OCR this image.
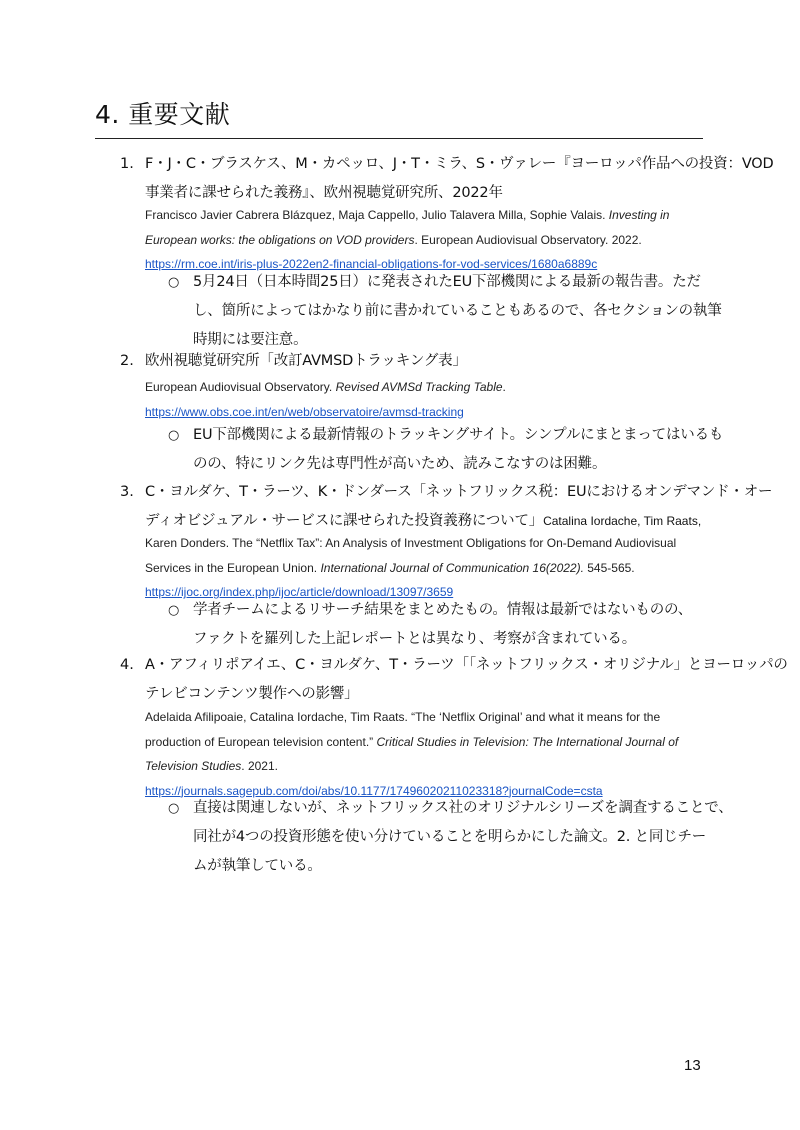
4. 重要文献
1. F・J・C・ブラスケス、M・カペッロ、J・T・ミラ、S・ヴァレー『ヨーロッパ作品への投資：VOD
事業者に課せられた義務』、欧州視聴覚研究所、2022年
Francisco Javier Cabrera Blázquez, Maja Cappello, Julio Talavera Milla, Sophie Valais. Investing in
European works: the obligations on VOD providers. European Audiovisual Observatory. 2022.
https://rm.coe.int/iris-plus-2022en2-financial-obligations-for-vod-services/1680a6889c
○ 5月24日（日本時間25日）に発表されたEU下部機関による最新の報告書。ただ
し、箇所によってはかなり前に書かれていることもあるので、各セクションの執筆
時期には要注意。
2. 欧州視聴覚研究所「改訂AVMSDトラッキング表」
European Audiovisual Observatory. Revised AVMSd Tracking Table.
https://www.obs.coe.int/en/web/observatoire/avmsd-tracking
○ EU下部機関による最新情報のトラッキングサイト。シンプルにまとまってはいるも
のの、特にリンク先は専門性が高いため、読みこなすのは困難。
3. C・ヨルダケ、T・ラーツ、K・ドンダース「ネットフリックス税：EUにおけるオンデマンド・オー
ディオビジュアル・サービスに課せられた投資義務について」Catalina Iordache, Tim Raats,
Karen Donders. The “Netflix Tax”: An Analysis of Investment Obligations for On-Demand Audiovisual
Services in the European Union. International Journal of Communication 16(2022). 545-565.
https://ijoc.org/index.php/ijoc/article/download/13097/3659
○ 学者チームによるリサーチ結果をまとめたもの。情報は最新ではないものの、
ファクトを羅列した上記レポートとは異なり、考察が含まれている。
4. A・アフィリポアイエ、C・ヨルダケ、T・ラーツ「「ネットフリックス・オリジナル」とヨーロッパの
テレビコンテンツ製作への影響」
Adelaida Afilipoaie, Catalina Iordache, Tim Raats. “The ‘Netflix Original’ and what it means for the
production of European television content.” Critical Studies in Television: The International Journal of
Television Studies. 2021.
https://journals.sagepub.com/doi/abs/10.1177/17496020211023318?journalCode=csta
○ 直接は関連しないが、ネットフリックス社のオリジナルシリーズを調査することで、
同社が4つの投資形態を使い分けていることを明らかにした論文。2. と同じチー
ムが執筆している。
13
